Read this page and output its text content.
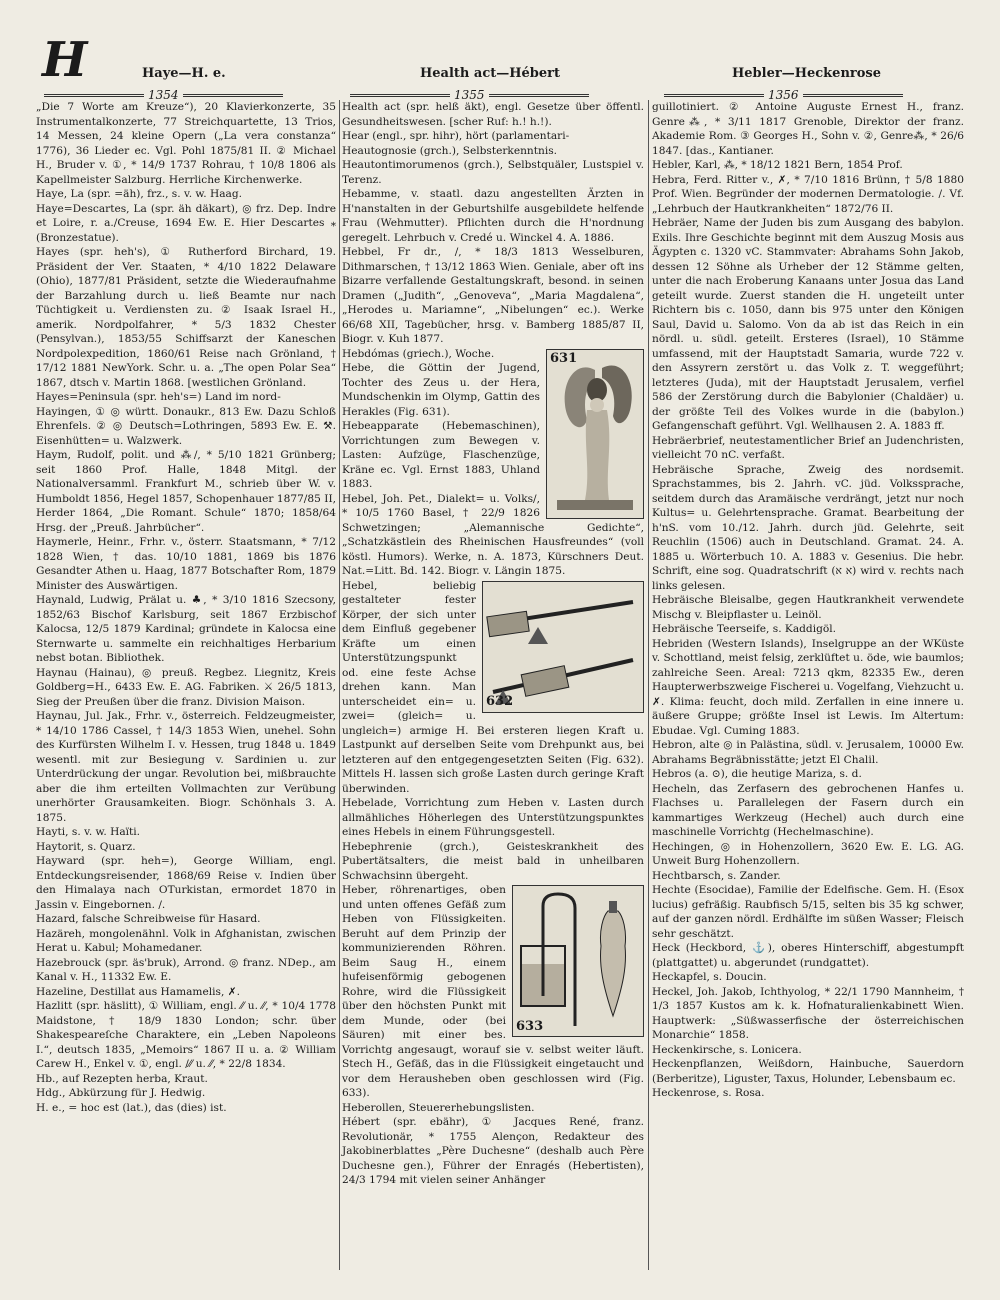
H	Haye—H. e.	Health act—Hébert	Hebler—Heckenrose
1354	1355	1356

„Die 7 Worte am Kreuze“), 20 Klavierkonzerte, 35 Instrumentalkonzerte, 77 Streichquartette, 13 Trios, 14 Messen, 24 kleine Opern („La vera constanza“ 1776), 36 Lieder ec. Vgl. Pohl 1875/81 II. ② Michael H., Bruder v. ①, * 14/9 1737 Rohrau, † 10/8 1806 als Kapellmeister Salzburg. Herrliche Kirchenwerke.

Haye, La (spr. =äh), frz., s. v. w. Haag.

Haye=Descartes, La (spr. äh däkart), ◎ frz. Dep. Indre et Loire, r. a./Creuse, 1694 Ew. E. Hier Descartes ⁎ (Bronzestatue).

Hayes (spr. heh's), ① Rutherford Birchard, 19. Präsident der Ver. Staaten, * 4/10 1822 Delaware (Ohio), 1877/81 Präsident, setzte die Wiederaufnahme der Barzahlung durch u. ließ Beamte nur nach Tüchtigkeit u. Verdiensten zu. ② Isaak Israel H., amerik. Nordpolfahrer, * 5/3 1832 Chester (Pensylvan.), 1853/55 Schiffsarzt der Kaneschen Nordpolexpedition, 1860/61 Reise nach Grönland, † 17/12 1881 NewYork. Schr. u. a. „The open Polar Sea“ 1867, dtsch v. Martin 1868. [westlichen Grönland.

Hayes=Peninsula (spr. heh's=) Land im nord-

Hayingen, ① ◎ württ. Donaukr., 813 Ew. Dazu Schloß Ehrenfels. ② ◎ Deutsch=Lothringen, 5893 Ew. E. ⚒. Eisenhütten= u. Walzwerk.

Haym, Rudolf, polit. und ⁂/, * 5/10 1821 Grünberg; seit 1860 Prof. Halle, 1848 Mitgl. der Nationalversamml. Frankfurt M., schrieb über W. v. Humboldt 1856, Hegel 1857, Schopenhauer 1877/85 II, Herder 1864, „Die Romant. Schule“ 1870; 1858/64 Hrsg. der „Preuß. Jahrbücher“.

Haymerle, Heinr., Frhr. v., österr. Staatsmann, * 7/12 1828 Wien, † das. 10/10 1881, 1869 bis 1876 Gesandter Athen u. Haag, 1877 Botschafter Rom, 1879 Minister des Auswärtigen.

Haynald, Ludwig, Prälat u. ♣, * 3/10 1816 Szecsony, 1852/63 Bischof Karlsburg, seit 1867 Erzbischof Kalocsa, 12/5 1879 Kardinal; gründete in Kalocsa eine Sternwarte u. sammelte ein reichhaltiges Herbarium nebst botan. Bibliothek.

Haynau (Hainau), ◎ preuß. Regbez. Liegnitz, Kreis Goldberg=H., 6433 Ew. E. AG. Fabriken. ⚔ 26/5 1813, Sieg der Preußen über die franz. Division Maison.

Haynau, Jul. Jak., Frhr. v., österreich. Feldzeugmeister, * 14/10 1786 Cassel, † 14/3 1853 Wien, unehel. Sohn des Kurfürsten Wilhelm I. v. Hessen, trug 1848 u. 1849 wesentl. mit zur Besiegung v. Sardinien u. zur Unterdrückung der ungar. Revolution bei, mißbrauchte aber die ihm erteilten Vollmachten zur Verübung unerhörter Grausamkeiten. Biogr. Schönhals 3. A. 1875.

Hayti, s. v. w. Haïti.

Haytorit, s. Quarz.

Hayward (spr. heh=), George William, engl. Entdeckungsreisender, 1868/69 Reise v. Indien über den Himalaya nach OTurkistan, ermordet 1870 in Jassin v. Eingebornen. /.

Hazard, falsche Schreibweise für Hasard.

Hazäreh, mongolenähnl. Volk in Afghanistan, zwischen Herat u. Kabul; Mohamedaner.

Hazebrouck (spr. äs'bruk), Arrond. ◎ franz. NDep., am Kanal v. H., 11332 Ew. E.

Hazeline, Destillat aus Hamamelis, ✗.

Hazlitt (spr. häslitt), ① William, engl. ⁄⁄ u. ⁄⁄, * 10/4 1778 Maidstone, † 18/9 1830 London; schr. über Shakespeareſche Charaktere, ein „Leben Napoleons I.“, deutsch 1835, „Memoirs“ 1867 II u. a. ② William Carew H., Enkel v. ①, engl. /⁄⁄ u. ⁄⁄, * 22/8 1834.

Hb., auf Rezepten herba, Kraut.

Hdg., Abkürzung für J. Hedwig.

H. e., = hoc est (lat.), das (dies) ist.

Health act (spr. helß äkt), engl. Gesetze über öffentl. Gesundheitswesen. [scher Ruf: h.! h.!).

Hear (engl., spr. hihr), hört (parlamentari-

Heautognosie (grch.), Selbsterkenntnis.

Heautontimorumenos (grch.), Selbstquäler, Lustspiel v. Terenz.

Hebamme, v. staatl. dazu angestellten Ärzten in H'nanstalten in der Geburtshilfe ausgebildete helfende Frau (Wehmutter). Pflichten durch die H'nordnung geregelt. Lehrbuch v. Credé u. Winckel 4. A. 1886.

Hebbel, Fr dr., /, * 18/3 1813 Wesselburen, Dithmarschen, † 13/12 1863 Wien. Geniale, aber oft ins Bizarre verfallende Gestaltungskraft, besond. in seinen Dramen („Judith“, „Genoveva“, „Maria Magdalena“, „Herodes u. Mariamne“, „Nibelungen“ ec.). Werke 66/68 XII, Tagebücher, hrsg. v. Bamberg 1885/87 II, Biogr. v. Kuh 1877.

631

Hebdómas (griech.), Woche.

Hebe, die Göttin der Jugend, Tochter des Zeus u. der Hera, Mundschenkin im Olymp, Gattin des Herakles (Fig. 631).

Hebeapparate (Hebemaschinen), Vorrichtungen zum Bewegen v. Lasten: Aufzüge, Flaschenzüge, Kräne ec. Vgl. Ernst 1883, Uhland 1883.

Hebel, Joh. Pet., Dialekt= u. Volks/, * 10/5 1760 Basel, † 22/9 1826 Schwetzingen; „Alemannische Gedichte“, „Schatzkästlein des Rheinischen Hausfreundes“ (voll köstl. Humors). Werke, n. A. 1873, Kürschners Deut. Nat.=Litt. Bd. 142. Biogr. v. Längin 1875.

632

Hebel, beliebig gestalteter fester Körper, der sich unter dem Einfluß gegebener Kräfte um einen Unterstützungspunkt od. eine feste Achse drehen kann. Man unterscheidet ein= u. zwei= (gleich= u. ungleich=) armige H. Bei ersteren liegen Kraft u. Lastpunkt auf derselben Seite vom Drehpunkt aus, bei letzteren auf den entgegengesetzten Seiten (Fig. 632). Mittels H. lassen sich große Lasten durch geringe Kraft überwinden.

Hebelade, Vorrichtung zum Heben v. Lasten durch allmähliches Höherlegen des Unterstützungspunktes eines Hebels in einem Führungsgestell.

Hebephrenie (grch.), Geisteskrankheit des Pubertätsalters, die meist bald in unheilbaren Schwachsinn übergeht.

633

Heber, röhrenartiges, oben und unten offenes Gefäß zum Heben von Flüssigkeiten. Beruht auf dem Prinzip der kommunizierenden Röhren. Beim Saug H., einem hufeisenförmig gebogenen Rohre, wird die Flüssigkeit über den höchsten Punkt mit dem Munde, oder (bei Säuren) mit einer bes. Vorrichtg angesaugt, worauf sie v. selbst weiter läuft. Stech H., Gefäß, das in die Flüssigkeit eingetaucht und vor dem Herausheben oben geschlossen wird (Fig. 633).

Heberollen, Steuererhebungslisten.

Hébert (spr. ebähr), ① Jacques René, franz. Revolutionär, * 1755 Alençon, Redakteur des Jakobinerblattes „Père Duchesne“ (deshalb auch Père Duchesne gen.), Führer der Enragés (Hebertisten), 24/3 1794 mit vielen seiner Anhänger

guillotiniert. ② Antoine Auguste Ernest H., franz. Genre⁂, * 3/11 1817 Grenoble, Direktor der franz. Akademie Rom. ③ Georges H., Sohn v. ②, Genre⁂, * 26/6 1847. [das., Kantianer.

Hebler, Karl, ⁂, * 18/12 1821 Bern, 1854 Prof.

Hebra, Ferd. Ritter v., ✗, * 7/10 1816 Brünn, † 5/8 1880 Prof. Wien. Begründer der modernen Dermatologie. /. Vf. „Lehrbuch der Hautkrankheiten“ 1872/76 II.

Hebräer, Name der Juden bis zum Ausgang des babylon. Exils. Ihre Geschichte beginnt mit dem Auszug Mosis aus Ägypten c. 1320 vC. Stammvater: Abrahams Sohn Jakob, dessen 12 Söhne als Urheber der 12 Stämme gelten, unter die nach Eroberung Kanaans unter Josua das Land geteilt wurde. Zuerst standen die H. ungeteilt unter Richtern bis c. 1050, dann bis 975 unter den Königen Saul, David u. Salomo. Von da ab ist das Reich in ein nördl. u. südl. geteilt. Ersteres (Israel), 10 Stämme umfassend, mit der Hauptstadt Samaria, wurde 722 v. den Assyrern zerstört u. das Volk z. T. weggeführt; letzteres (Juda), mit der Hauptstadt Jerusalem, verfiel 586 der Zerstörung durch die Babylonier (Chaldäer) u. der größte Teil des Volkes wurde in die (babylon.) Gefangenschaft geführt. Vgl. Wellhausen 2. A. 1883 ff.

Hebräerbrief, neutestamentlicher Brief an Judenchristen, vielleicht 70 nC. verfaßt.

Hebräische Sprache, Zweig des nordsemit. Sprachstammes, bis 2. Jahrh. vC. jüd. Volkssprache, seitdem durch das Aramäische verdrängt, jetzt nur noch Kultus= u. Gelehrtensprache. Gramat. Bearbeitung der h'nS. vom 10./12. Jahrh. durch jüd. Gelehrte, seit Reuchlin (1506) auch in Deutschland. Gramat. 24. A. 1885 u. Wörterbuch 10. A. 1883 v. Gesenius. Die hebr. Schrift, eine sog. Quadratschrift (א א) wird v. rechts nach links gelesen.

Hebräische Bleisalbe, gegen Hautkrankheit verwendete Mischg v. Bleipflaster u. Leinöl.

Hebräische Teerseife, s. Kaddigöl.

Hebriden (Western Islands), Inselgruppe an der WKüste v. Schottland, meist felsig, zerklüftet u. öde, wie baumlos; zahlreiche Seen. Areal: 7213 qkm, 82335 Ew., deren Haupterwerbszweige Fischerei u. Vogelfang, Viehzucht u. ✗. Klima: feucht, doch mild. Zerfallen in eine innere u. äußere Gruppe; größte Insel ist Lewis. Im Altertum: Ebudae. Vgl. Cuming 1883.

Hebron, alte ◎ in Palästina, südl. v. Jerusalem, 10000 Ew. Abrahams Begräbnisstätte; jetzt El Chalil.

Hebros (a. ⊙), die heutige Mariza, s. d.

Hecheln, das Zerfasern des gebrochenen Hanfes u. Flachses u. Parallelegen der Fasern durch ein kammartiges Werkzeug (Hechel) auch durch eine maschinelle Vorrichtg (Hechelmaschine).

Hechingen, ◎ in Hohenzollern, 3620 Ew. E. LG. AG. Unweit Burg Hohenzollern.

Hechtbarsch, s. Zander.

Hechte (Esocidae), Familie der Edelfische. Gem. H. (Esox lucius) gefräßig. Raubfisch 5/15, selten bis 35 kg schwer, auf der ganzen nördl. Erdhälfte im süßen Wasser; Fleisch sehr geschätzt.

Heck (Heckbord, ⚓), oberes Hinterschiff, abgestumpft (plattgattet) u. abgerundet (rundgattet).

Heckapfel, s. Doucin.

Heckel, Joh. Jakob, Ichthyolog, * 22/1 1790 Mannheim, † 1/3 1857 Kustos am k. k. Hofnaturalienkabinett Wien. Hauptwerk: „Süßwasserfische der österreichischen Monarchie“ 1858.

Heckenkirsche, s. Lonicera.

Heckenpflanzen, Weißdorn, Hainbuche, Sauerdorn (Berberitze), Liguster, Taxus, Holunder, Lebensbaum ec.

Heckenrose, s. Rosa.
